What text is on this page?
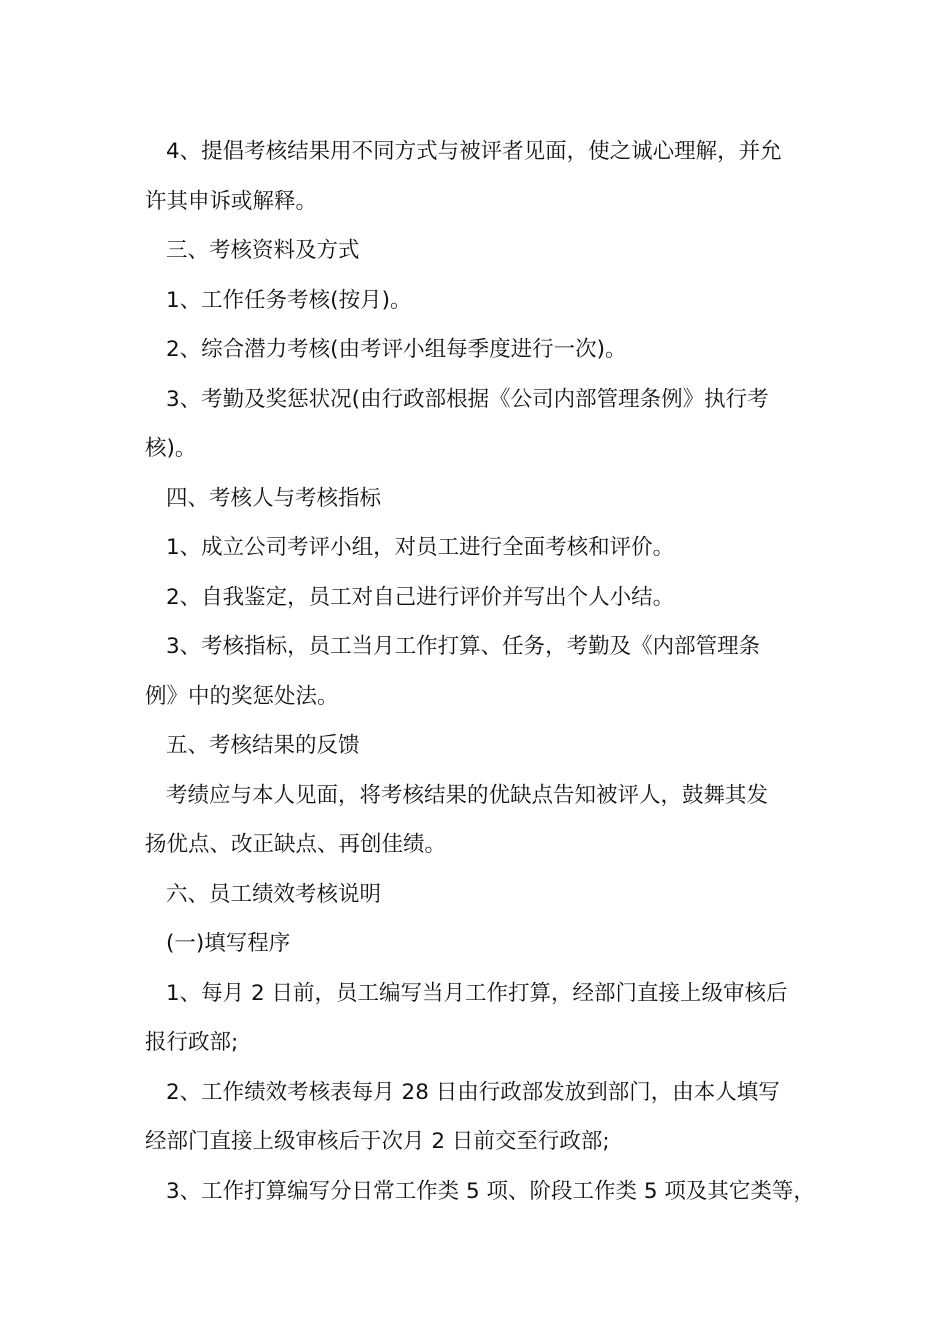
4、提倡考核结果用不同方式与被评者见面，使之诚心理解，并允

许其申诉或解释。

三、考核资料及方式

1、工作任务考核(按月)。

2、综合潜力考核(由考评小组每季度进行一次)。

3、考勤及奖惩状况(由行政部根据《公司内部管理条例》执行考

核)。

四、考核人与考核指标

1、成立公司考评小组，对员工进行全面考核和评价。

2、自我鉴定，员工对自己进行评价并写出个人小结。

3、考核指标，员工当月工作打算、任务，考勤及《内部管理条

例》中的奖惩处法。

五、考核结果的反馈

考绩应与本人见面，将考核结果的优缺点告知被评人，鼓舞其发

扬优点、改正缺点、再创佳绩。

六、员工绩效考核说明

(一)填写程序

1、每月 2 日前，员工编写当月工作打算，经部门直接上级审核后

报行政部;

2、工作绩效考核表每月 28 日由行政部发放到部门，由本人填写

经部门直接上级审核后于次月 2 日前交至行政部;

3、工作打算编写分日常工作类 5 项、阶段工作类 5 项及其它类等，
